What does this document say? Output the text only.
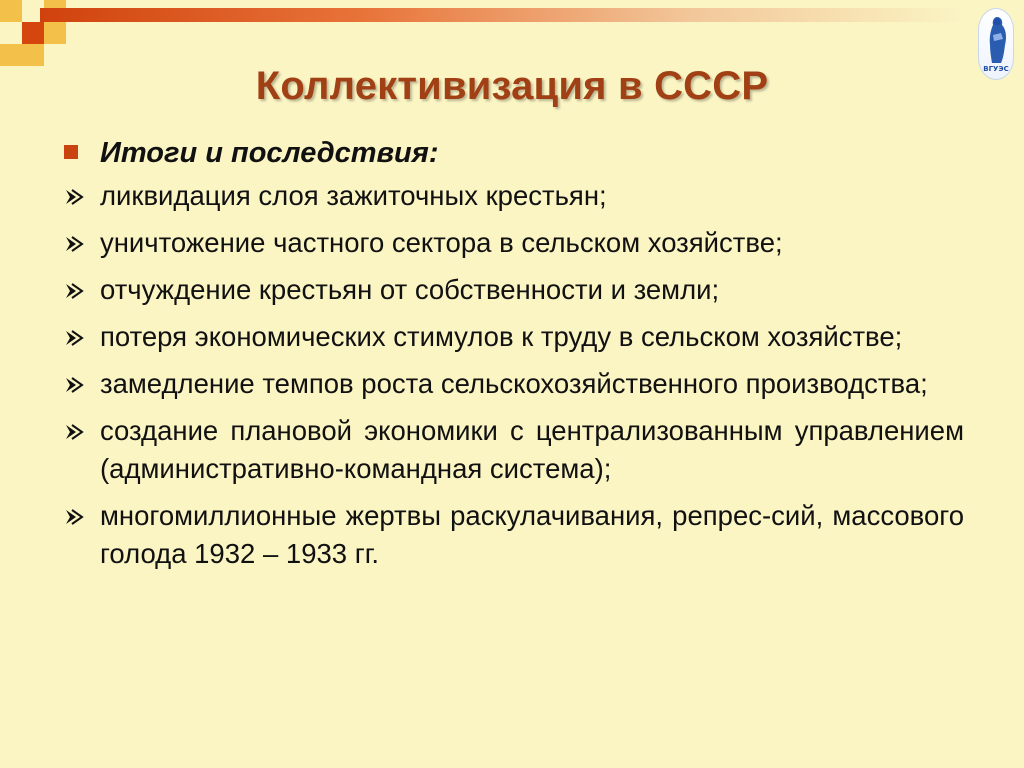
ВГУЭС
Коллективизация в СССР
Итоги и последствия:
ликвидация слоя зажиточных крестьян;
уничтожение частного сектора в сельском хозяйстве;
отчуждение крестьян от собственности и земли;
потеря экономических стимулов к труду в сельском хозяйстве;
замедление темпов роста сельскохозяйственного производства;
создание плановой экономики с централизованным управлением (административно-командная система);
многомиллионные жертвы раскулачивания, репрес-сий, массового голода 1932 – 1933 гг.
